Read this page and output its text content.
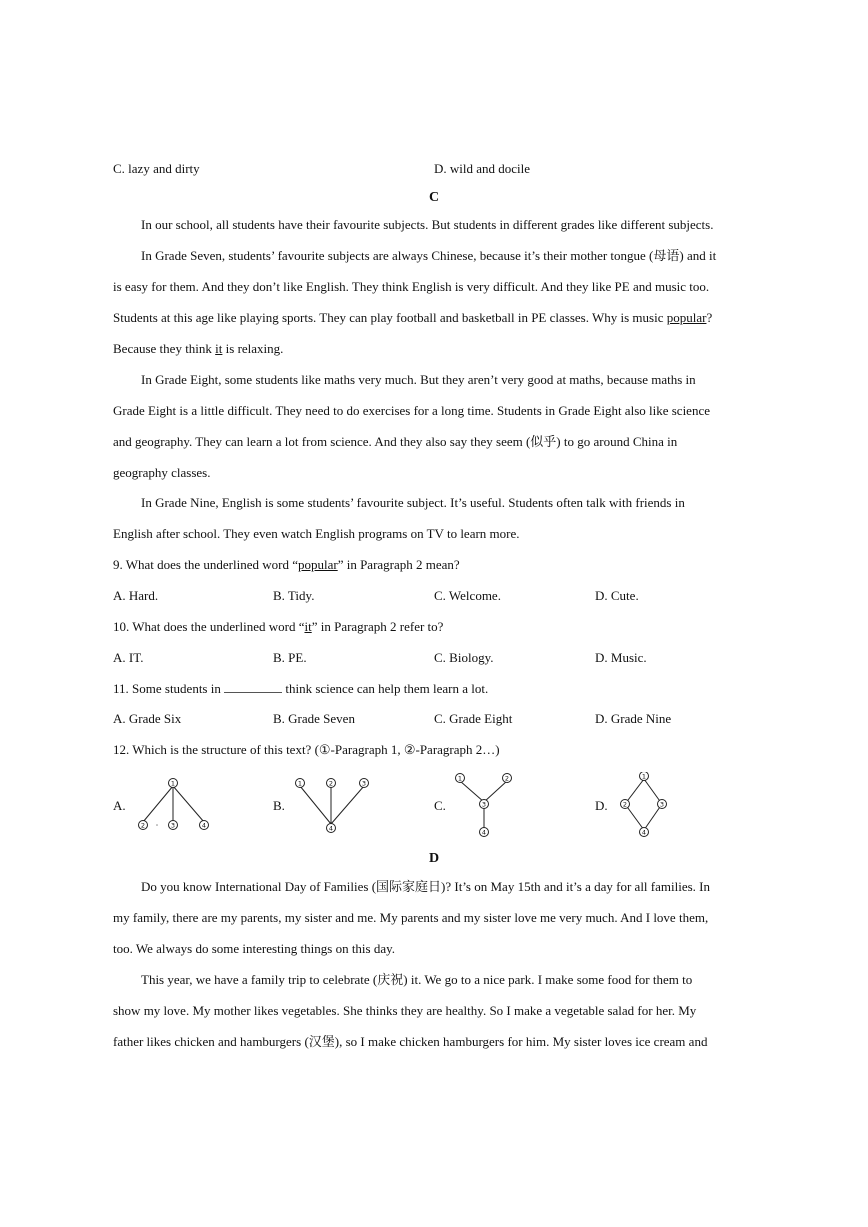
C. lazy and dirty	D. wild and docile
C
In our school, all students have their favourite subjects. But students in different grades like different subjects.
In Grade Seven, students’ favourite subjects are always Chinese, because it’s their mother tongue (母语) and it
is easy for them. And they don’t like English. They think English is very difficult. And they like PE and music too.
Students at this age like playing sports. They can play football and basketball in PE classes. Why is music popular?
Because they think it is relaxing.
In Grade Eight, some students like maths very much. But they aren’t very good at maths, because maths in
Grade Eight is a little difficult. They need to do exercises for a long time. Students in Grade Eight also like science
and geography. They can learn a lot from science. And they also say they seem (似乎) to go around China in
geography classes.
In Grade Nine, English is some students’ favourite subject. It’s useful. Students often talk with friends in
English after school. They even watch English programs on TV to learn more.
9. What does the underlined word “popular” in Paragraph 2 mean?
A. Hard.	B. Tidy.	C. Welcome.	D. Cute.
10. What does the underlined word “it” in Paragraph 2 refer to?
A. IT.	B. PE.	C. Biology.	D. Music.
11. Some students in	think science can help them learn a lot.
A. Grade Six	B. Grade Seven	C. Grade Eight	D. Grade Nine
12. Which is the structure of this text? (①-Paragraph 1, ②-Paragraph 2…)
A.
1
2	3	4
B.
1	2	3
4
C.
1	2
3
4
D.
1
2	3
4
D
Do you know International Day of Families (国际家庭日)? It’s on May 15th and it’s a day for all families. In
my family, there are my parents, my sister and me. My parents and my sister love me very much. And I love them,
too. We always do some interesting things on this day.
This year, we have a family trip to celebrate (庆祝) it. We go to a nice park. I make some food for them to
show my love. My mother likes vegetables. She thinks they are healthy. So I make a vegetable salad for her. My
father likes chicken and hamburgers (汉堡), so I make chicken hamburgers for him. My sister loves ice cream and
